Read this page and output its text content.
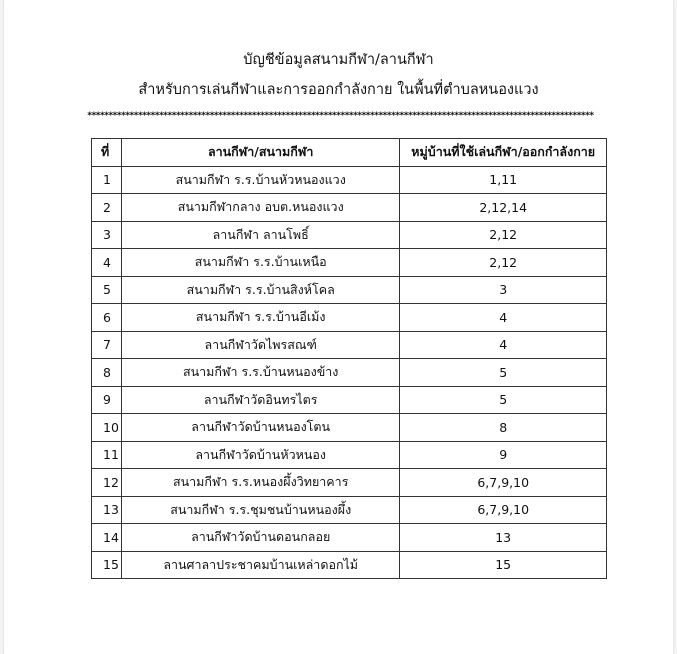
บัญชีข้อมูลสนามกีฬา/ลานกีฬา
สำหรับการเล่นกีฬาและการออกกำลังกาย ในพื้นที่ตำบลหนองแวง
************************************************************************************************************************
ที่	ลานกีฬา/สนามกีฬา	หมู่บ้านที่ใช้เล่นกีฬา/ออกกำลังกาย
1	สนามกีฬา ร.ร.บ้านหัวหนองแวง	1,11
2	สนามกีฬากลาง อบต.หนองแวง	2,12,14
3	ลานกีฬา ลานโพธิ์	2,12
4	สนามกีฬา ร.ร.บ้านเหนือ	2,12
5	สนามกีฬา ร.ร.บ้านสิงห์โคล	3
6	สนามกีฬา ร.ร.บ้านอีเม้ง	4
7	ลานกีฬาวัดไพรสณฑ์	4
8	สนามกีฬา ร.ร.บ้านหนองข้าง	5
9	ลานกีฬาวัดอินทรไตร	5
10	ลานกีฬาวัดบ้านหนองโตน	8
11	ลานกีฬาวัดบ้านหัวหนอง	9
12	สนามกีฬา ร.ร.หนองผึ้งวิทยาคาร	6,7,9,10
13	สนามกีฬา ร.ร.ชุมชนบ้านหนองผึ้ง	6,7,9,10
14	ลานกีฬาวัดบ้านดอนกลอย	13
15	ลานศาลาประชาคมบ้านเหล่าดอกไม้	15
